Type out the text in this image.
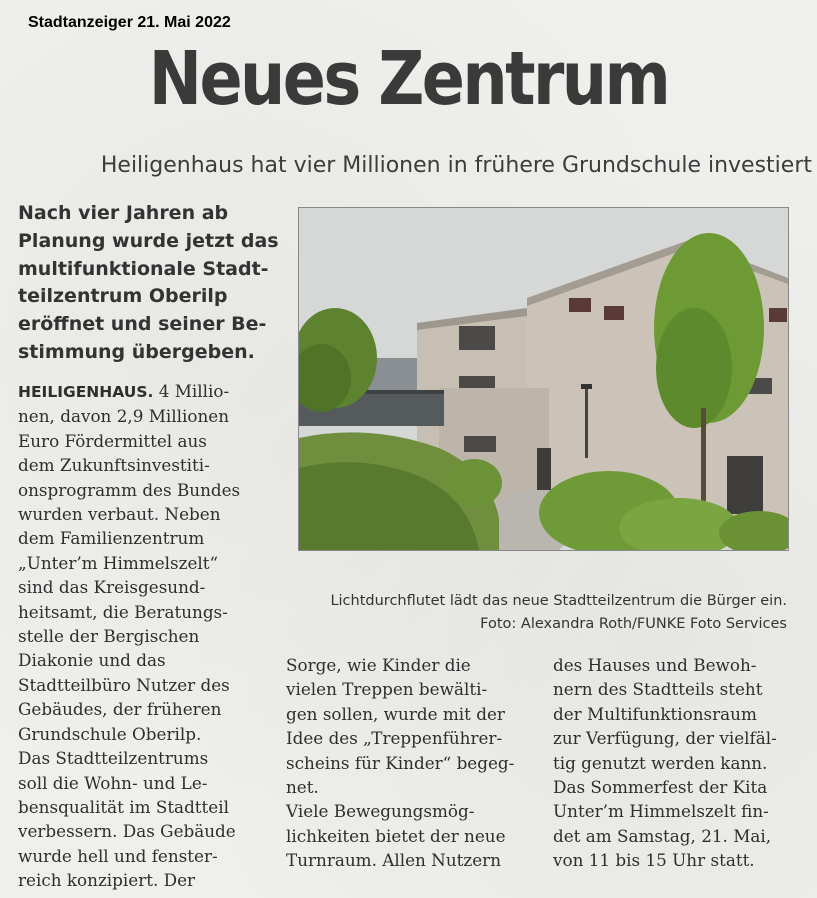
Stadtanzeiger 21. Mai 2022
Neues Zentrum
Heiligenhaus hat vier Millionen in frühere Grundschule investiert
Nach vier Jahren ab
Planung wurde jetzt das
multifunktionale Stadt-
teilzentrum Oberilp
eröffnet und seiner Be-
stimmung übergeben.
Lichtdurchflutet lädt das neue Stadtteilzentrum die Bürger ein.
Foto: Alexandra Roth/FUNKE Foto Services
HEILIGENHAUS. 4 Millio-
nen, davon 2,9 Millionen
Euro Fördermittel aus
dem Zukunftsinvestiti-
onsprogramm des Bundes
wurden verbaut. Neben
dem Familienzentrum
„Unter’m Himmelszelt“
sind das Kreisgesund-
heitsamt, die Beratungs-
stelle der Bergischen
Diakonie und das
Stadtteilbüro Nutzer des
Gebäudes, der früheren
Grundschule Oberilp.
Das Stadtteilzentrums
soll die Wohn- und Le-
bensqualität im Stadtteil
verbessern. Das Gebäude
wurde hell und fenster-
reich konzipiert. Der
Sorge, wie Kinder die
vielen Treppen bewälti-
gen sollen, wurde mit der
Idee des „Treppenführer-
scheins für Kinder“ begeg-
net.
Viele Bewegungsmög-
lichkeiten bietet der neue
Turnraum. Allen Nutzern
des Hauses und Bewoh-
nern des Stadtteils steht
der Multifunktionsraum
zur Verfügung, der vielfäl-
tig genutzt werden kann.
Das Sommerfest der Kita
Unter’m Himmelszelt fin-
det am Samstag, 21. Mai,
von 11 bis 15 Uhr statt.
